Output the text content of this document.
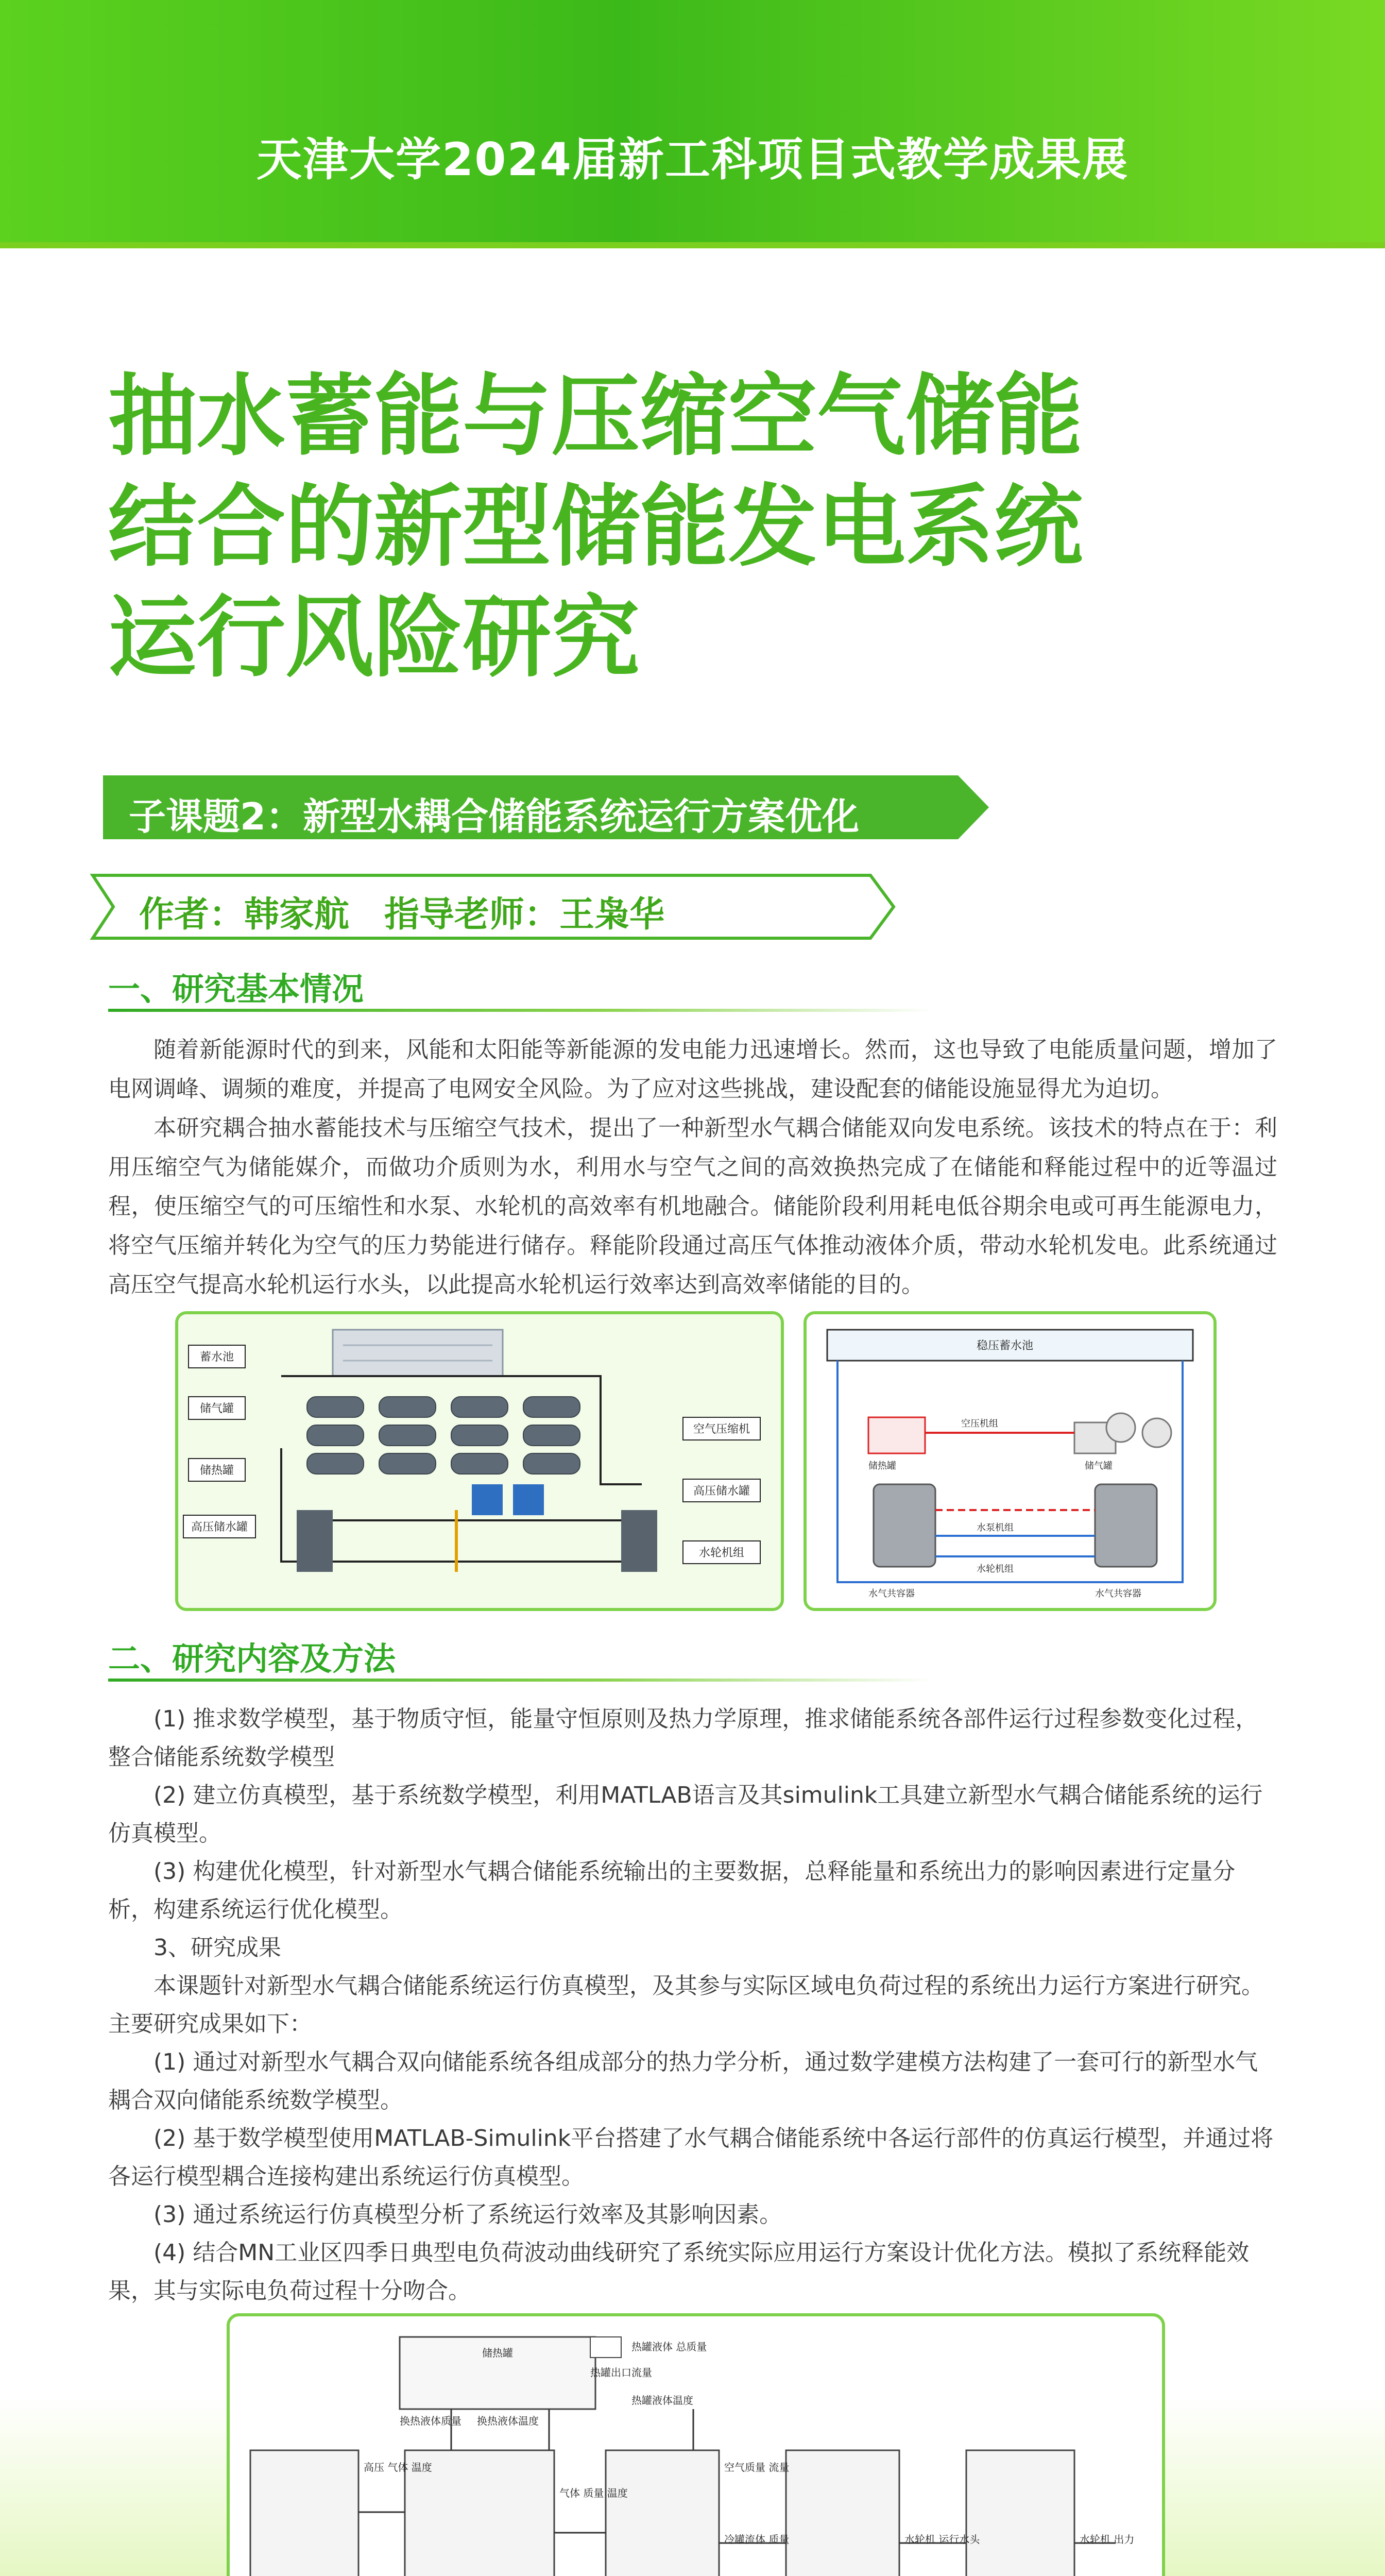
天津大学2024届新工科项目式教学成果展
抽水蓄能与压缩空气储能
结合的新型储能发电系统
运行风险研究
子课题2：新型水耦合储能系统运行方案优化
作者：韩家航　指导老师：王枭华
一、研究基本情况

随着新能源时代的到来，风能和太阳能等新能源的发电能力迅速增长。然而，这也导致了电能质量问题，增加了电网调峰、调频的难度，并提高了电网安全风险。为了应对这些挑战，建设配套的储能设施显得尤为迫切。

本研究耦合抽水蓄能技术与压缩空气技术，提出了一种新型水气耦合储能双向发电系统。该技术的特点在于：利用压缩空气为储能媒介，而做功介质则为水，利用水与空气之间的高效换热完成了在储能和释能过程中的近等温过程，使压缩空气的可压缩性和水泵、水轮机的高效率有机地融合。储能阶段利用耗电低谷期余电或可再生能源电力，将空气压缩并转化为空气的压力势能进行储存。释能阶段通过高压气体推动液体介质，带动水轮机发电。此系统通过高压空气提高水轮机运行水头，以此提高水轮机运行效率达到高效率储能的目的。

蓄水池
储气罐
储热罐
高压储水罐
空气压缩机
高压储水罐
水轮机组
稳压蓄水池
空压机组
储热罐	储气罐
水泵机组
水轮机组
水气共容器	水气共容器
二、研究内容及方法

(1) 推求数学模型，基于物质守恒，能量守恒原则及热力学原理，推求储能系统各部件运行过程参数变化过程，整合储能系统数学模型

(2) 建立仿真模型，基于系统数学模型，利用MATLAB语言及其simulink工具建立新型水气耦合储能系统的运行仿真模型。

(3) 构建优化模型，针对新型水气耦合储能系统输出的主要数据，总释能量和系统出力的影响因素进行定量分析，构建系统运行优化模型。

3、研究成果

本课题针对新型水气耦合储能系统运行仿真模型，及其参与实际区域电负荷过程的系统出力运行方案进行研究。主要研究成果如下：

(1) 通过对新型水气耦合双向储能系统各组成部分的热力学分析，通过数学建模方法构建了一套可行的新型水气耦合双向储能系统数学模型。

(2) 基于数学模型使用MATLAB-Simulink平台搭建了水气耦合储能系统中各运行部件的仿真运行模型，并通过将各运行模型耦合连接构建出系统运行仿真模型。

(3) 通过系统运行仿真模型分析了系统运行效率及其影响因素。

(4) 结合MN工业区四季日典型电负荷波动曲线研究了系统实际应用运行方案设计优化方法。模拟了系统释能效果，其与实际电负荷过程十分吻合。

储热罐	热罐液体 总质量
热罐出口流量
换热液体质量 换热液体温度
热罐液体温度
高压 气体 温度
气体 质量 温度
空气质量 流量
冷罐流体 质量	水轮机 运行水头	水轮机 出力
